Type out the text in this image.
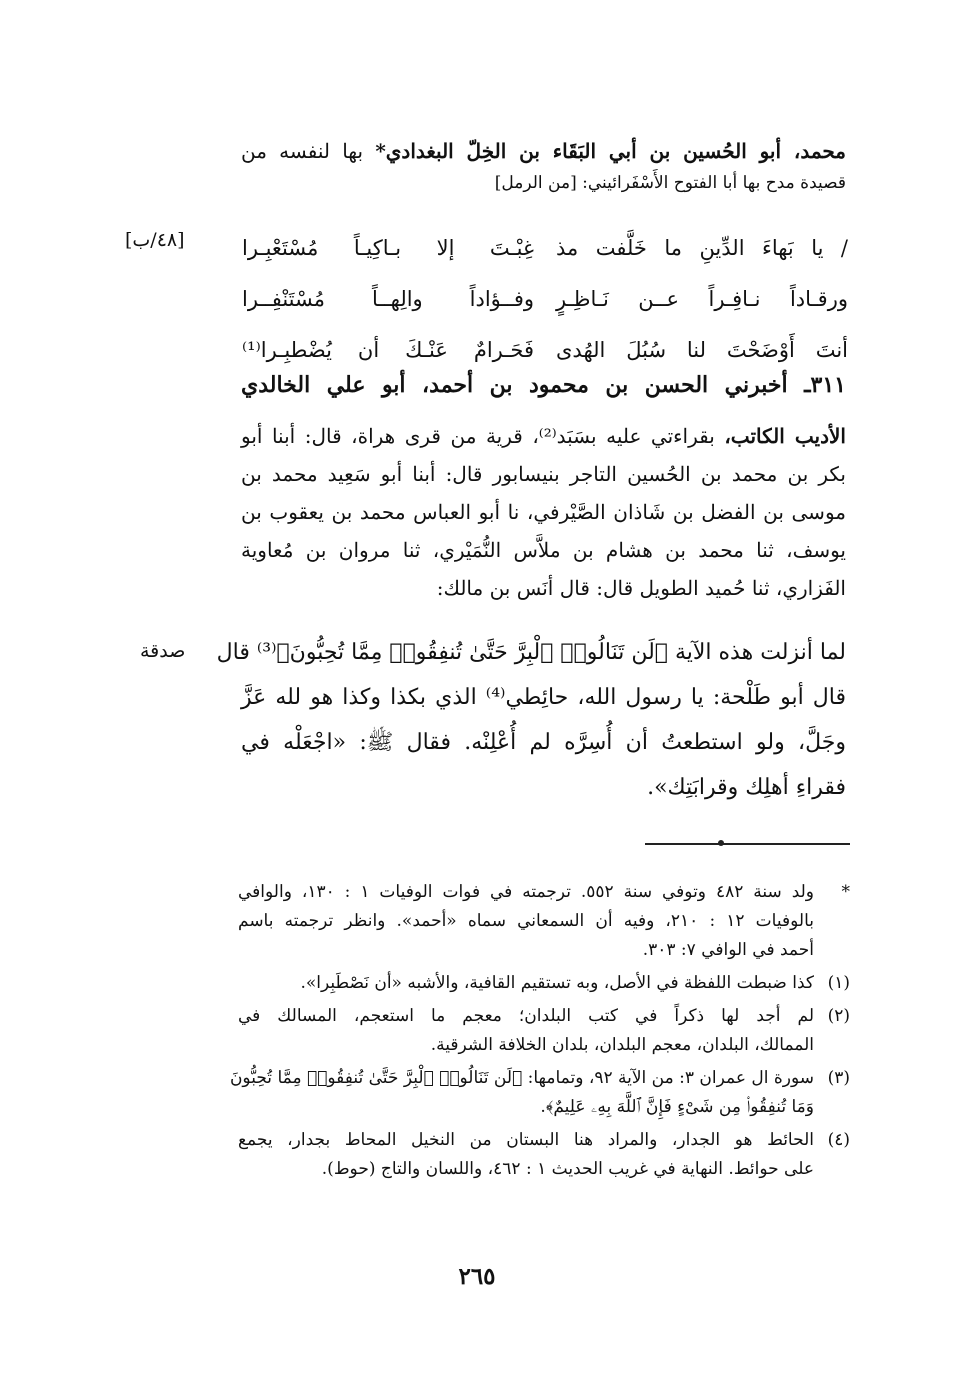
محمد، أبو الحُسين بن أبي البَقَاء بن الخِلّ البغدادي* بها لنفسه من
قصيدة مدح بها أبا الفتوح الأَسْفَرائيني: [من الرمل]
[٤٨/ب]	/ يا بَهاءَ الدِّينِ ما خَلَّفت مذ
غِبْـتَ إلا بـاكِيـاً مُسْتَعْبِـرا
ورقـاداً نـافِـراً عــن نَـاظِـرٍ
وفــؤاداً والِهــاً مُسْتَنْفِــرا
أنتَ أَوْضَحْتَ لنا سُبُلَ الهُدى
فَحَـرامٌ عَنْـكَ أن يُضْطبِـرا⁽¹⁾
٣١١ـ أخبرني الحسن بن محمود بن أحمد، أبو علي الخالدي
الأديب الكاتب، بقراءتي عليه بسَبَد⁽²⁾، قرية من قرى هراة، قال: أبنا أبو
بكر بن محمد بن الحُسين التاجر بنيسابور قال: أبنا أبو سَعِيد محمد بن
موسى بن الفضل بن شَاذان الصَّيْرفي، نا أبو العباس محمد بن يعقوب بن
يوسف، ثنا محمد بن هشام بن ملاَّس النُّمَيْري، ثنا مروان بن مُعاوية
الفَزاري، ثنا حُميد الطويل قال: قال أنَس بن مالك:
صدقة لما أنزلت هذه الآية ﴿لَن تَنَالُوا۟ ٱلْبِرَّ حَتَّىٰ تُنفِقُوا۟ مِمَّا تُحِبُّونَ﴾⁽³⁾ قال
قال أبو طَلْحة: يا رسول الله، حائِطي⁽⁴⁾ الذي بكذا وكذا هو لله عَزَّ
وجَلَّ، ولو استطعتُ أن أُسِرَّه لم أُعْلِنْه. فقال ﷺ: «اجْعَلْه في
فقراءِ أهلِك وقرابَتِك».
*
ولد سنة ٤٨٢ وتوفي سنة ٥٥٢. ترجمته في فوات الوفيات ١ : ١٣٠، والوافي
بالوفيات ١٢ : ٢١٠، وفيه أن السمعاني سماه «أحمد». وانظر ترجمته باسم
أحمد في الوافي ٧: ٣٠٣.
(١)
كذا ضبطت اللفظة في الأصل، وبه تستقيم القافية، والأشبه «أن نَصْطَبِرا».
(٢)
لم أجد لها ذكراً في كتب البلدان؛ معجم ما استعجم، المسالك في
الممالك، البلدان، معجم البلدان، بلدان الخلافة الشرقية.
(٣)
سورة ال عمران ٣: من الآية ٩٢، وتمامها: ﴿لَن تَنَالُوا۟ ٱلْبِرَّ حَتَّىٰ تُنفِقُوا۟ مِمَّا تُحِبُّونَ
وَمَا تُنفِقُوا۟ مِن شَىْءٍ فَإِنَّ ٱللَّهَ بِهِۦ عَلِيمٌ﴾.
(٤)
الحائط هو الجدار، والمراد هنا البستان من النخيل المحاط بجدار، يجمع
على حوائط. النهاية في غريب الحديث ١ : ٤٦٢، واللسان والتاج (حوط).
٢٦٥
